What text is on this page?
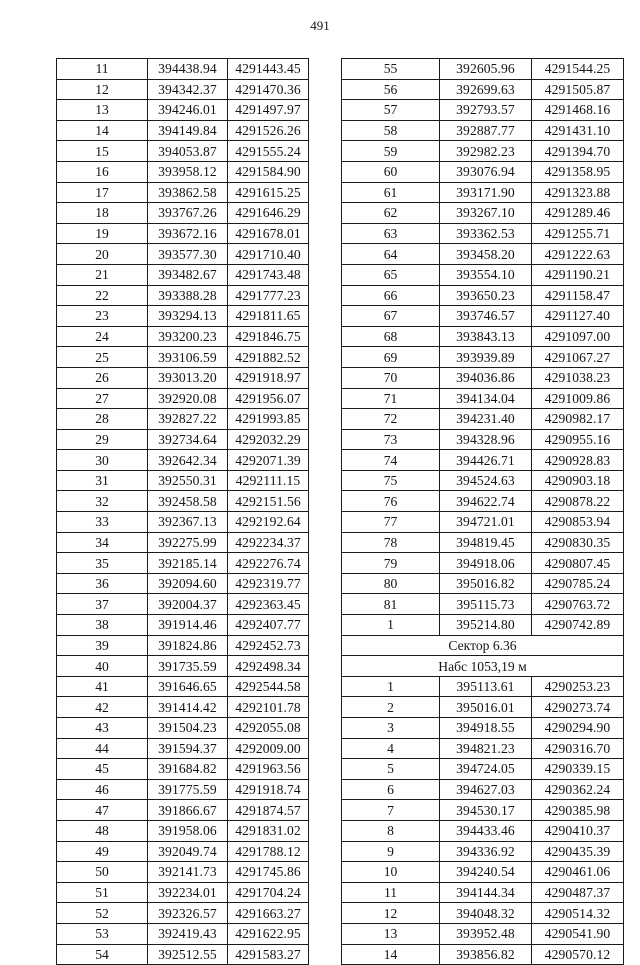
491
11	394438.94	4291443.45
12	394342.37	4291470.36
13	394246.01	4291497.97
14	394149.84	4291526.26
15	394053.87	4291555.24
16	393958.12	4291584.90
17	393862.58	4291615.25
18	393767.26	4291646.29
19	393672.16	4291678.01
20	393577.30	4291710.40
21	393482.67	4291743.48
22	393388.28	4291777.23
23	393294.13	4291811.65
24	393200.23	4291846.75
25	393106.59	4291882.52
26	393013.20	4291918.97
27	392920.08	4291956.07
28	392827.22	4291993.85
29	392734.64	4292032.29
30	392642.34	4292071.39
31	392550.31	4292111.15
32	392458.58	4292151.56
33	392367.13	4292192.64
34	392275.99	4292234.37
35	392185.14	4292276.74
36	392094.60	4292319.77
37	392004.37	4292363.45
38	391914.46	4292407.77
39	391824.86	4292452.73
40	391735.59	4292498.34
41	391646.65	4292544.58
42	391414.42	4292101.78
43	391504.23	4292055.08
44	391594.37	4292009.00
45	391684.82	4291963.56
46	391775.59	4291918.74
47	391866.67	4291874.57
48	391958.06	4291831.02
49	392049.74	4291788.12
50	392141.73	4291745.86
51	392234.01	4291704.24
52	392326.57	4291663.27
53	392419.43	4291622.95
54	392512.55	4291583.27
55	392605.96	4291544.25
56	392699.63	4291505.87
57	392793.57	4291468.16
58	392887.77	4291431.10
59	392982.23	4291394.70
60	393076.94	4291358.95
61	393171.90	4291323.88
62	393267.10	4291289.46
63	393362.53	4291255.71
64	393458.20	4291222.63
65	393554.10	4291190.21
66	393650.23	4291158.47
67	393746.57	4291127.40
68	393843.13	4291097.00
69	393939.89	4291067.27
70	394036.86	4291038.23
71	394134.04	4291009.86
72	394231.40	4290982.17
73	394328.96	4290955.16
74	394426.71	4290928.83
75	394524.63	4290903.18
76	394622.74	4290878.22
77	394721.01	4290853.94
78	394819.45	4290830.35
79	394918.06	4290807.45
80	395016.82	4290785.24
81	395115.73	4290763.72
1	395214.80	4290742.89
Сектор 6.36		
Набс 1053,19 м		
1	395113.61	4290253.23
2	395016.01	4290273.74
3	394918.55	4290294.90
4	394821.23	4290316.70
5	394724.05	4290339.15
6	394627.03	4290362.24
7	394530.17	4290385.98
8	394433.46	4290410.37
9	394336.92	4290435.39
10	394240.54	4290461.06
11	394144.34	4290487.37
12	394048.32	4290514.32
13	393952.48	4290541.90
14	393856.82	4290570.12
